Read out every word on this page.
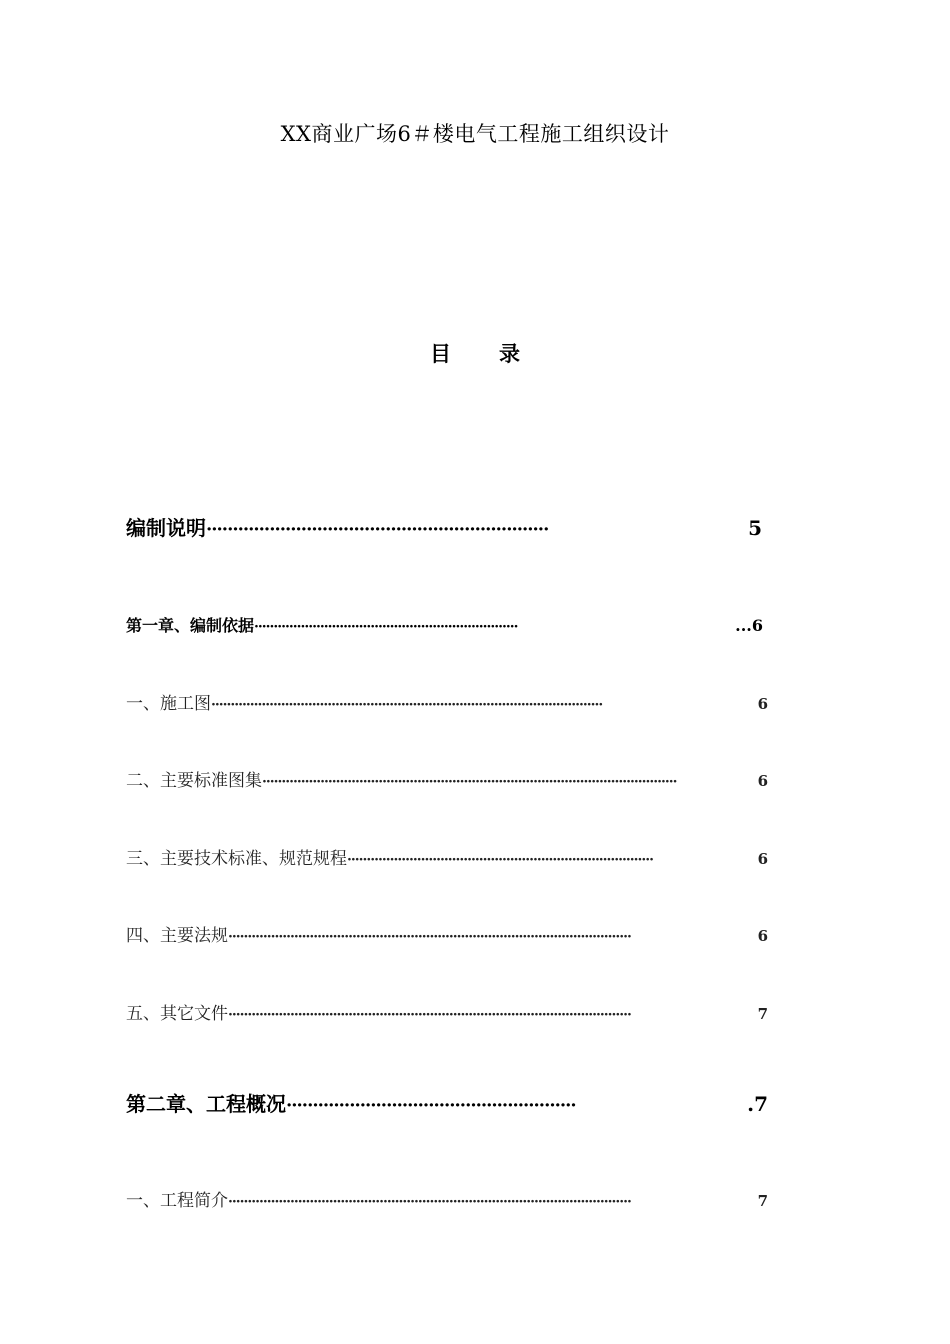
XX商业广场6＃楼电气工程施工组织设计
目 录
编制说明 ·································································	5
第一章、编制依据 ····································································	...6
一、施工图 ·····································································································	6
二、主要标准图集 ···········································································································	6
三、主要技术标准、规范规程 ···············································································	6
四、主要法规 ········································································································	6
五、其它文件 ········································································································	7
第二章、工程概况 ·······················································	.7
一、工程简介 ········································································································	7
